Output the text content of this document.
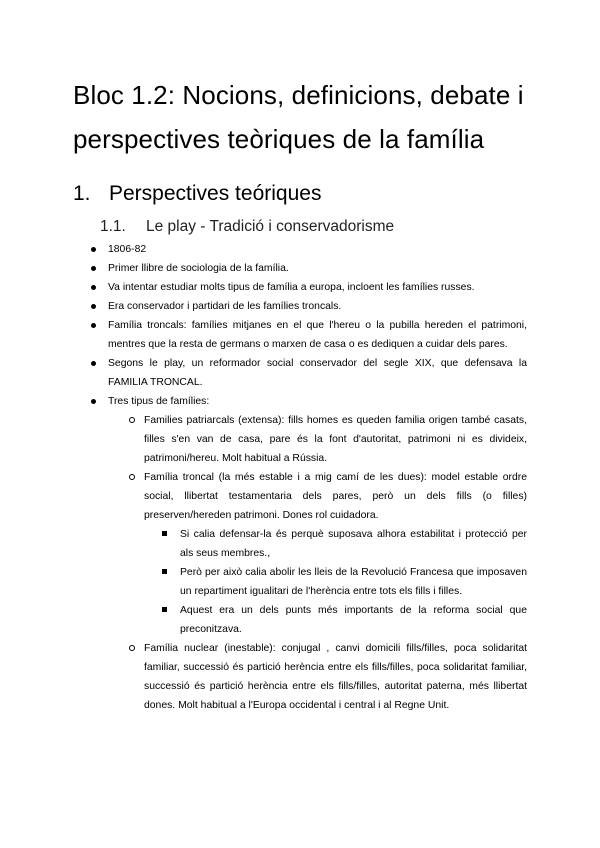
Bloc 1.2: Nocions, definicions, debate i perspectives teòriques de la família
1. Perspectives teóriques
1.1. Le play - Tradició i conservadorisme
1806-82
Primer llibre de sociologia de la família.
Va intentar estudiar molts tipus de família a europa, incloent les famílies russes.
Era conservador i partidari de les famílies troncals.
Família troncals: famílies mitjanes en el que l'hereu o la pubilla hereden el patrimoni, mentres que la resta de germans o marxen de casa o es dediquen a cuidar dels pares.
Segons le play, un reformador social conservador del segle XIX, que defensava la FAMILIA TRONCAL.
Tres tipus de famílies:
Families patriarcals (extensa): fills homes es queden familia origen també casats, filles s'en van de casa, pare és la font d'autoritat, patrimoni ni es divideix, patrimoni/hereu. Molt habitual a Rússia.
Família troncal (la més estable i a mig camí de les dues): model estable ordre social, llibertat testamentaria dels pares, però un dels fills (o filles) preserven/hereden patrimoni. Dones rol cuidadora.
Si calia defensar-la és perquè suposava alhora estabilitat i protecció per als seus membres.,
Però per això calia abolir les lleis de la Revolució Francesa que imposaven un repartiment igualitari de l'herència entre tots els fills i filles.
Aquest era un dels punts més importants de la reforma social que preconitzava.
Família nuclear (inestable): conjugal , canvi domicili fills/filles, poca solidaritat familiar, successió és partició herència entre els fills/filles, poca solidaritat familiar, successió és partició herència entre els fills/filles, autoritat paterna, més llibertat dones. Molt habitual a l'Europa occidental i central i al Regne Unit.
